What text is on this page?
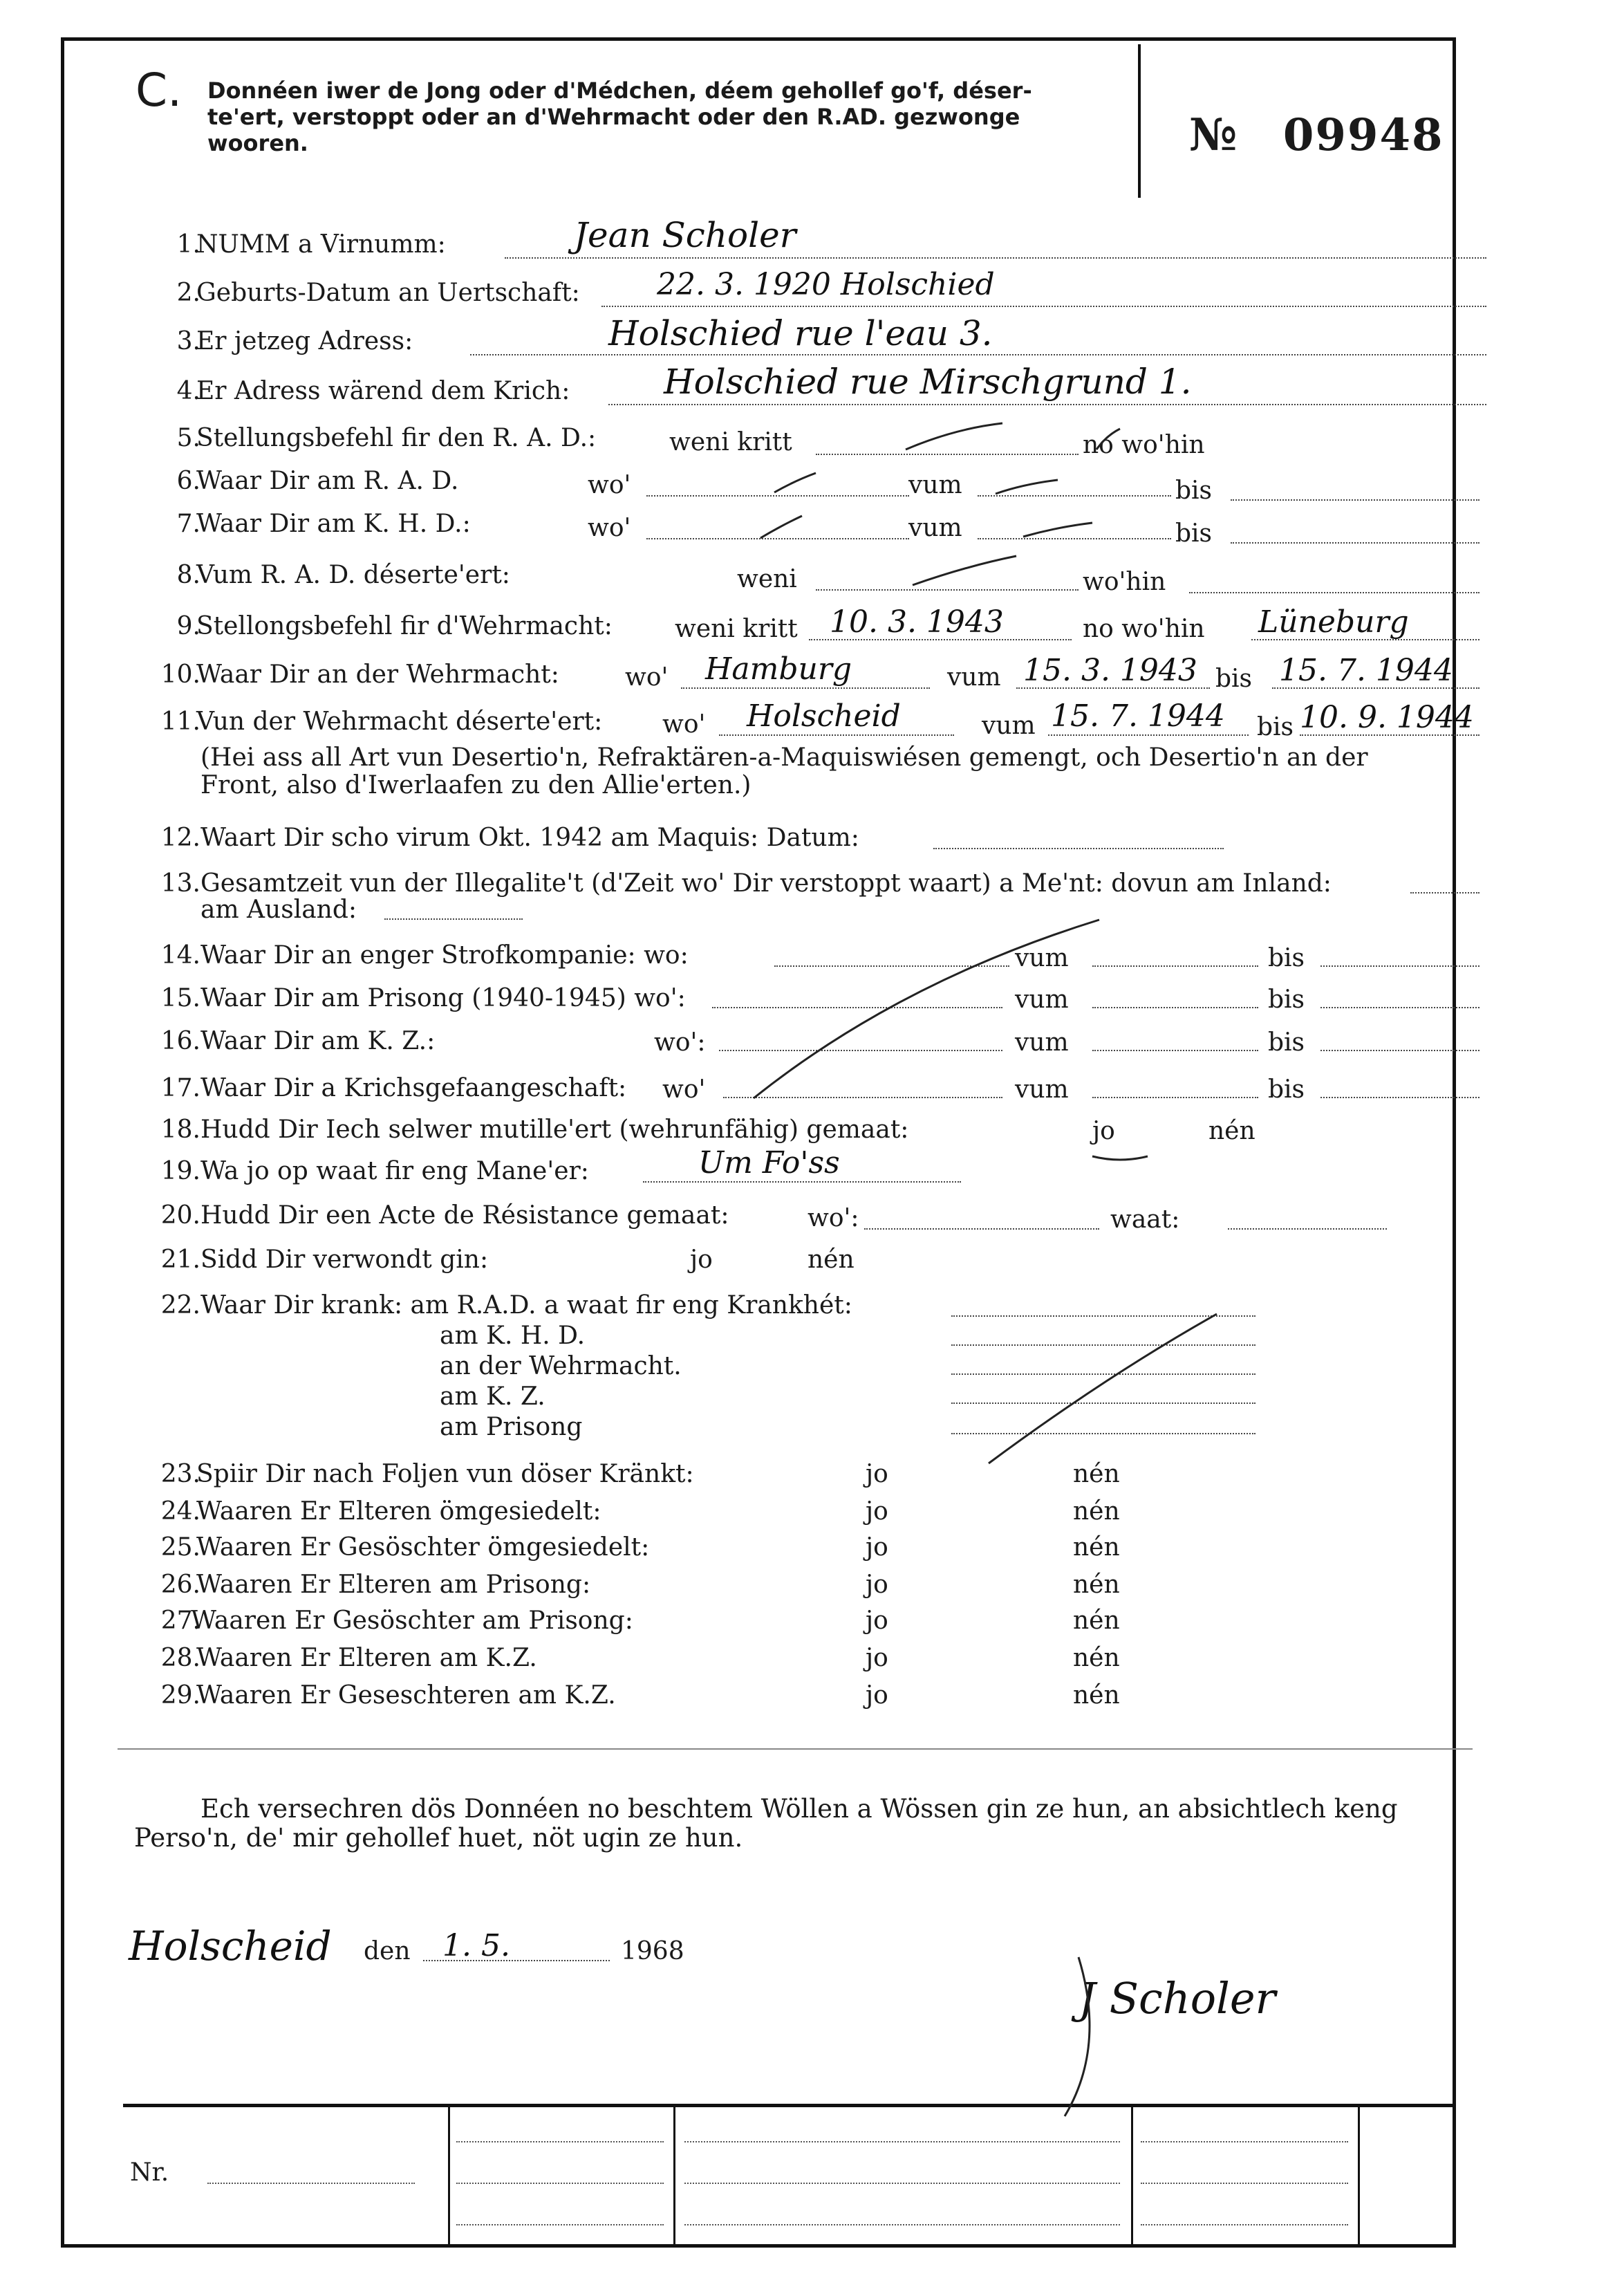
C. Donnéen iwer de Jong oder d'Médchen, déem gehollef go'f, déser-
te'ert, verstoppt oder an d'Wehrmacht oder den R.AD. gezwonge
wooren.	№ 09948
1.
NUMM a Virnumm:	Jean Scholer
2.
Geburts-Datum an Uertschaft:	22. 3. 1920 Holschied
3.
Er jetzeg Adress:	Holschied rue l'eau 3.
4.
Er Adress wärend dem Krich:	Holschied rue Mirschgrund 1.
5.
Stellungsbefehl fir den R. A. D.:	weni kritt	no wo'hin
6.
Waar Dir am R. A. D.	wo'	vum	bis
7.
Waar Dir am K. H. D.:	wo'	vum	bis
8.
Vum R. A. D. déserte'ert:	weni	wo'hin
9.
Stellongsbefehl fir d'Wehrmacht:	weni kritt 10. 3. 1943	no wo'hin Lüneburg
10.
Waar Dir an der Wehrmacht:	wo' Hamburg	vum 15. 3. 1943 bis 15. 7. 1944
11.
Vun der Wehrmacht déserte'ert: wo' Holscheid	vum 15. 7. 1944 bis 10. 9. 1944
(Hei ass all Art vun Desertio'n, Refraktären-a-Maquiswiésen gemengt, och Desertio'n an der
Front, also d'Iwerlaafen zu den Allie'erten.)
12. Waart Dir scho virum Okt. 1942 am Maquis: Datum:
13. Gesamtzeit vun der Illegalite't (d'Zeit wo' Dir verstoppt waart) a Me'nt: dovun am Inland:
am Ausland:
14. Waar Dir an enger Strofkompanie: wo:	vum	bis
15. Waar Dir am Prisong (1940-1945) wo':	vum	bis
16. Waar Dir am K. Z.:	wo':	vum	bis
17. Waar Dir a Krichsgefaangeschaft: wo'	vum	bis
18. Hudd Dir Iech selwer mutille'ert (wehrunfähig) gemaat:	jo	nén
19. Wa jo op waat fir eng Mane'er:	Um Fo'ss
20. Hudd Dir een Acte de Résistance gemaat:	wo':	waat:
21. Sidd Dir verwondt gin:	jo	nén
22. Waar Dir krank: am R.A.D. a waat fir eng Krankhét:
am K. H. D.
an der Wehrmacht.
am K. Z.
am Prisong
23.
Spiir Dir nach Foljen vun döser Kränkt:	jo	nén
24.
Waaren Er Elteren ömgesiedelt:	jo	nén
25.
Waaren Er Gesöschter ömgesiedelt:	jo	nén
26.
Waaren Er Elteren am Prisong:	jo	nén
27.
Waaren Er Gesöschter am Prisong:	jo	nén
28.
Waaren Er Elteren am K.Z.	jo	nén
29.
Waaren Er Geseschteren am K.Z.	jo	nén
Ech versechren dös Donnéen no beschtem Wöllen a Wössen gin ze hun, an absichtlech keng
Perso'n, de' mir gehollef huet, nöt ugin ze hun.
Holscheid den 1. 5.	1968
J Scholer
Nr.
